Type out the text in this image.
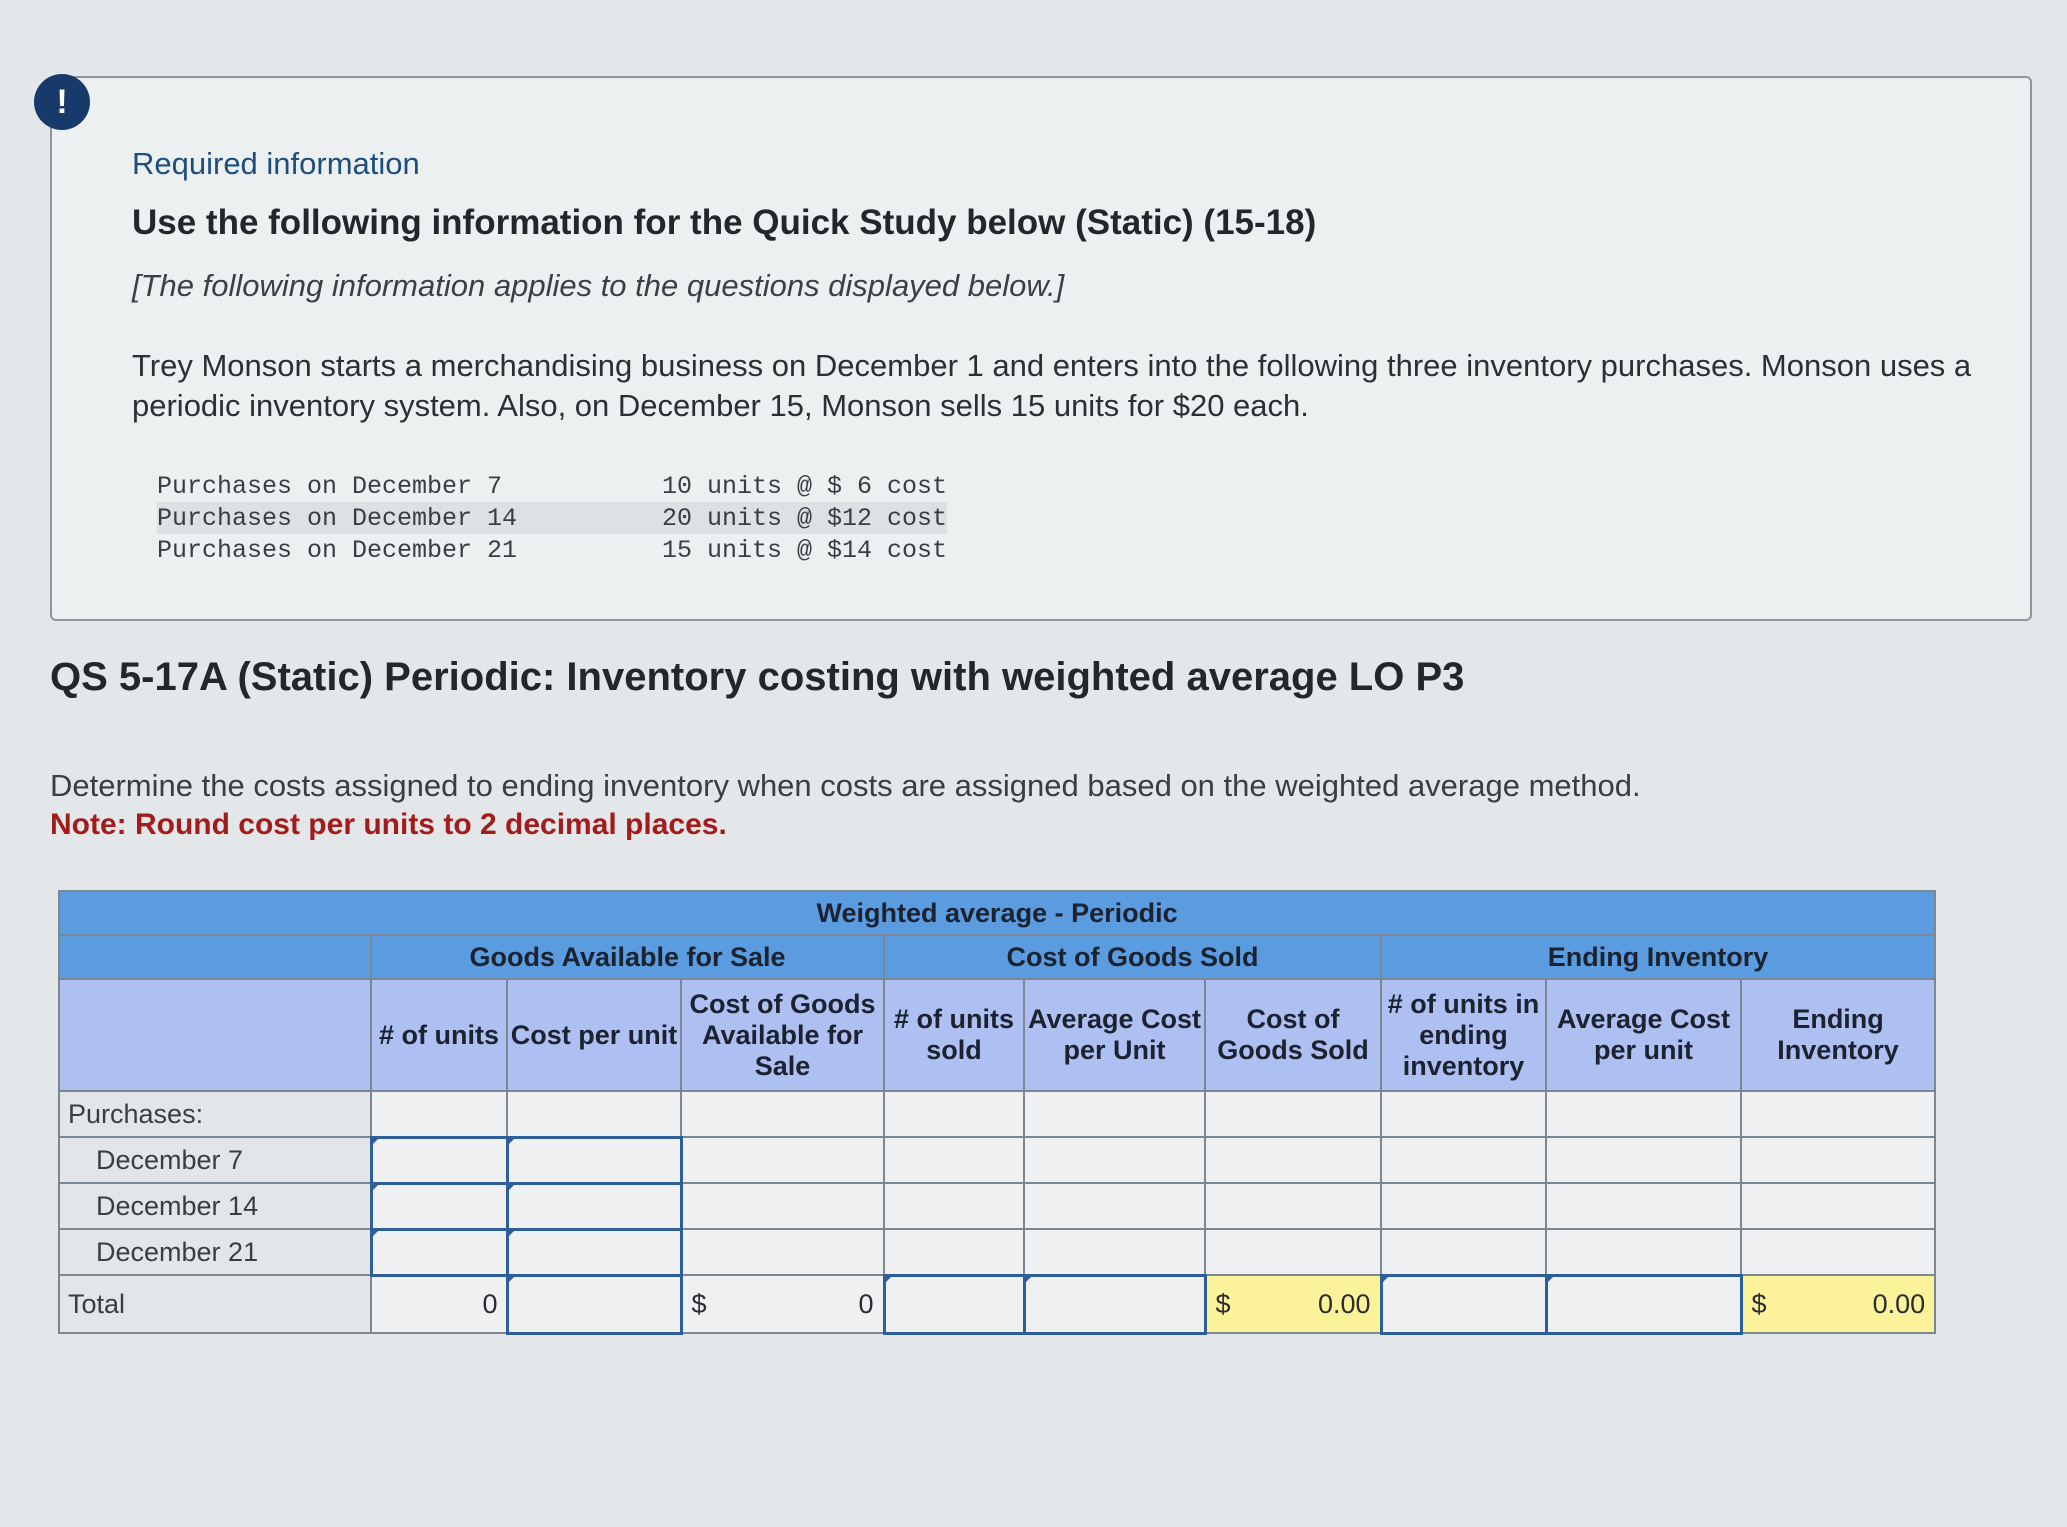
!
Required information
Use the following information for the Quick Study below (Static) (15-18)
[The following information applies to the questions displayed below.]
Trey Monson starts a merchandising business on December 1 and enters into the following three inventory purchases. Monson uses a periodic inventory system. Also, on December 15, Monson sells 15 units for $20 each.
Purchases on December 7	10 units @ $ 6 cost
Purchases on December 14	20 units @ $12 cost
Purchases on December 21	15 units @ $14 cost
QS 5-17A (Static) Periodic: Inventory costing with weighted average LO P3
Determine the costs assigned to ending inventory when costs are assigned based on the weighted average method.
Note: Round cost per units to 2 decimal places.
Weighted average - Periodic									
	Goods Available for Sale			Cost of Goods Sold			Ending Inventory		
	# of units	Cost per unit	Cost of Goods Available for Sale	# of units sold	Average Cost per Unit	Cost of Goods Sold	# of units in ending inventory	Average Cost per unit	Ending Inventory
Purchases:									
December 7									
December 14									
December 21									
Total	0		$ 0			$ 0.00			$ 0.00
